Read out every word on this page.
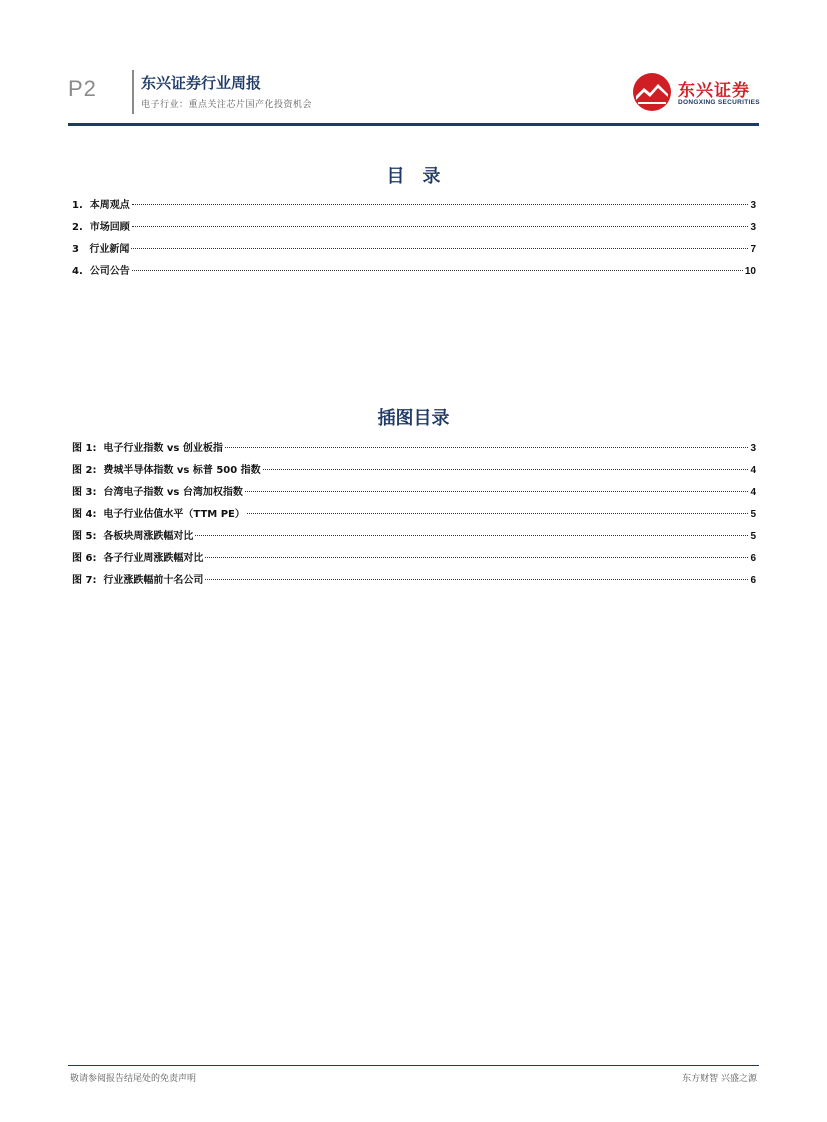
P2	东兴证券行业周报
电子行业：重点关注芯片国产化投资机会
东兴证券
DONGXING SECURITIES
目　录
1.  本周观点	3
2.  市场回顾	3
3   行业新闻	7
4.  公司公告	10
插图目录
图 1:  电子行业指数 vs 创业板指	3
图 2:  费城半导体指数 vs 标普 500 指数	4
图 3:  台湾电子指数 vs 台湾加权指数	4
图 4:  电子行业估值水平（TTM PE）	5
图 5:  各板块周涨跌幅对比	5
图 6:  各子行业周涨跌幅对比	6
图 7:  行业涨跌幅前十名公司	6
敬请参阅报告结尾处的免责声明	东方财智 兴盛之源
